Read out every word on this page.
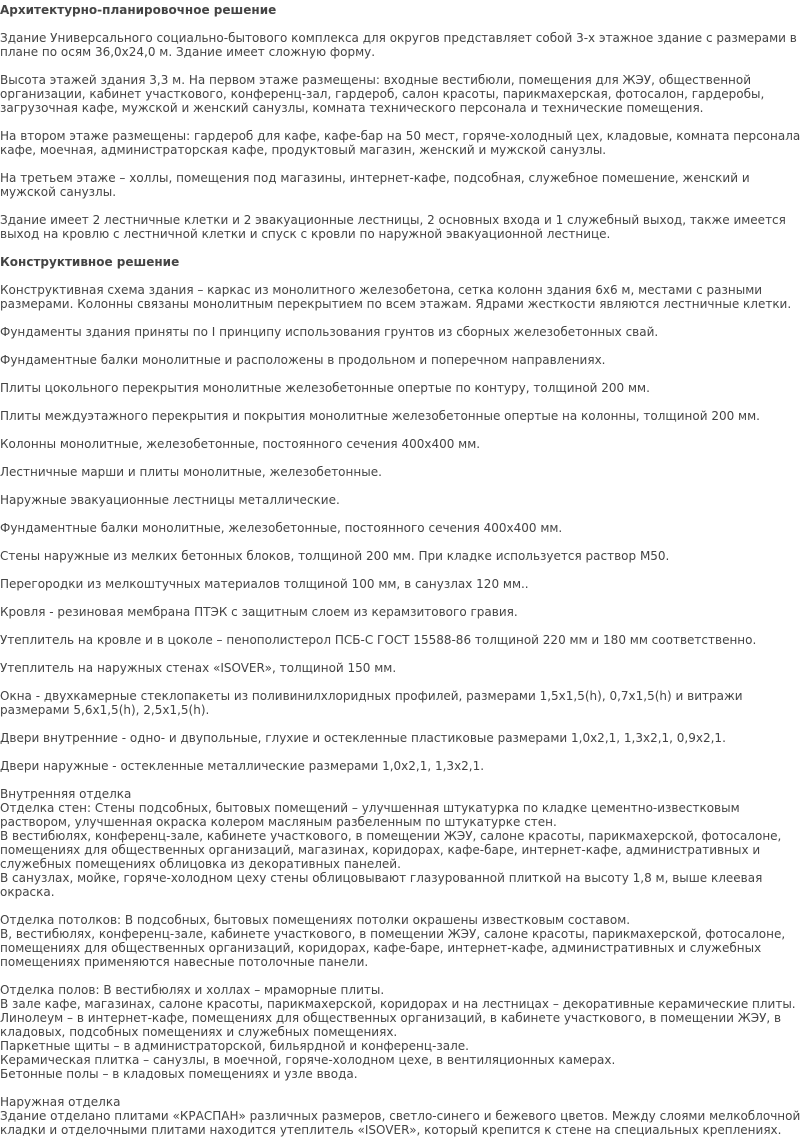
Архитектурно-планировочное решение
Здание Универсального социально-бытового комплекса для округов представляет собой 3-х этажное здание с размерами в
плане по осям 36,0x24,0 м. Здание имеет сложную форму.
Высота этажей здания 3,3 м. На первом этаже размещены: входные вестибюли, помещения для ЖЭУ, общественной
организации, кабинет участкового, конференц-зал, гардероб, салон красоты, парикмахерская, фотосалон, гардеробы,
загрузочная кафе, мужской и женский санузлы, комната технического персонала и технические помещения.
На втором этаже размещены: гардероб для кафе, кафе-бар на 50 мест, горяче-холодный цех, кладовые, комната персонала
кафе, моечная, администраторская кафе, продуктовый магазин, женский и мужской санузлы.
На третьем этаже – холлы, помещения под магазины, интернет-кафе, подсобная, служебное помешение, женский и
мужской санузлы.
Здание имеет 2 лестничные клетки и 2 эвакуационные лестницы, 2 основных входа и 1 служебный выход, также имеется
выход на кровлю с лестничной клетки и спуск с кровли по наружной эвакуационной лестнице.
Конструктивное решение
Конструктивная схема здания – каркас из монолитного железобетона, сетка колонн здания 6х6 м, местами с разными
размерами. Колонны связаны монолитным перекрытием по всем этажам. Ядрами жесткости являются лестничные клетки.
Фундаменты здания приняты по I принципу использования грунтов из сборных железобетонных свай.
Фундаментные балки монолитные и расположены в продольном и поперечном направлениях.
Плиты цокольного перекрытия монолитные железобетонные опертые по контуру, толщиной 200 мм.
Плиты междуэтажного перекрытия и покрытия монолитные железобетонные опертые на колонны, толщиной 200 мм.
Колонны монолитные, железобетонные, постоянного сечения 400x400 мм.
Лестничные марши и плиты монолитные, железобетонные.
Наружные эвакуационные лестницы металлические.
Фундаментные балки монолитные, железобетонные, постоянного сечения 400x400 мм.
Стены наружные из мелких бетонных блоков, толщиной 200 мм. При кладке используется раствор М50.
Перегородки из мелкоштучных материалов толщиной 100 мм, в санузлах 120 мм..
Кровля - резиновая мембрана ПТЭК с защитным слоем из керамзитового гравия.
Утеплитель на кровле и в цоколе – пенополистерол ПСБ-С ГОСТ 15588-86 толщиной 220 мм и 180 мм соответственно.
Утеплитель на наружных стенах «ISOVER», толщиной 150 мм.
Окна - двухкамерные стеклопакеты из поливинилхлоридных профилей, размерами 1,5x1,5(h), 0,7x1,5(h) и витражи
размерами 5,6x1,5(h), 2,5x1,5(h).
Двери внутренние - одно- и двупольные, глухие и остекленные пластиковые размерами 1,0x2,1, 1,3x2,1, 0,9x2,1.
Двери наружные - остекленные металлические размерами 1,0x2,1, 1,3x2,1.
Внутренняя отделка
Отделка стен: Стены подсобных, бытовых помещений – улучшенная штукатурка по кладке цементно-известковым
раствором, улучшенная окраска колером масляным разбеленным по штукатурке стен.
В вестибюлях, конференц-зале, кабинете участкового, в помещении ЖЭУ, салоне красоты, парикмахерской, фотосалоне,
помещениях для общественных организаций, магазинах, коридорах, кафе-баре, интернет-кафе, административных и
служебных помещениях облицовка из декоративных панелей.
В санузлах, мойке, горяче-холодном цеху стены облицовывают глазурованной плиткой на высоту 1,8 м, выше клеевая
окраска.
Отделка потолков: В подсобных, бытовых помещениях потолки окрашены известковым составом.
В, вестибюлях, конференц-зале, кабинете участкового, в помещении ЖЭУ, салоне красоты, парикмахерской, фотосалоне,
помещениях для общественных организаций, коридорах, кафе-баре, интернет-кафе, административных и служебных
помещениях применяются навесные потолочные панели.
Отделка полов: В вестибюлях и холлах – мраморные плиты.
В зале кафе, магазинах, салоне красоты, парикмахерской, коридорах и на лестницах – декоративные керамические плиты.
Линолеум – в интернет-кафе, помещениях для общественных организаций, в кабинете участкового, в помещении ЖЭУ, в
кладовых, подсобных помещениях и служебных помещениях.
Паркетные щиты – в администраторской, бильярдной и конференц-зале.
Керамическая плитка – санузлы, в моечной, горяче-холодном цехе, в вентиляционных камерах.
Бетонные полы – в кладовых помещениях и узле ввода.
Наружная отделка
Здание отделано плитами «КРАСПАН» различных размеров, светло-синего и бежевого цветов. Между слоями мелкоблочной
кладки и отделочными плитами находится утеплитель «ISOVER», который крепится к стене на специальных креплениях.
